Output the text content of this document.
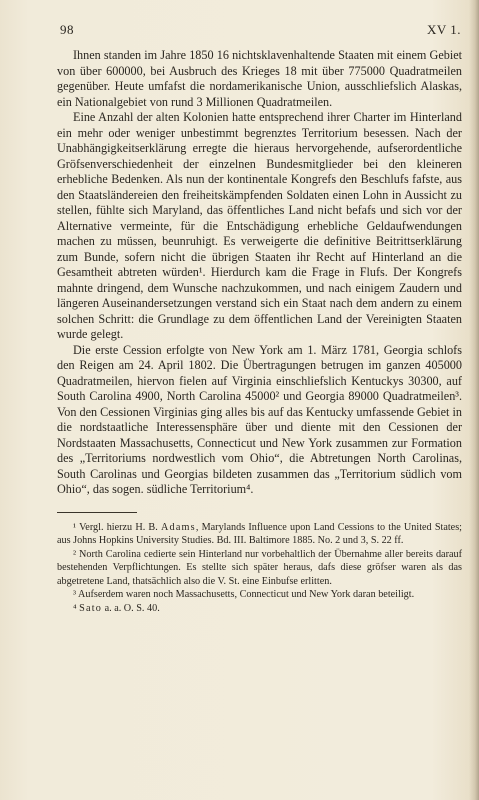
98	XV 1.

Ihnen standen im Jahre 1850 16 nichtsklavenhaltende Staaten mit einem Gebiet von über 600000, bei Ausbruch des Krieges 18 mit über 775000 Quadratmeilen gegenüber. Heute umfafst die nordamerikanische Union, ausschliefslich Alaskas, ein Nationalgebiet von rund 3 Millionen Quadratmeilen.

Eine Anzahl der alten Kolonien hatte entsprechend ihrer Charter im Hinterland ein mehr oder weniger unbestimmt begrenztes Territorium besessen. Nach der Unabhängigkeitserklärung erregte die hieraus hervorgehende, aufserordentliche Gröfsenverschiedenheit der einzelnen Bundesmitglieder bei den kleineren erhebliche Bedenken. Als nun der kontinentale Kongrefs den Beschlufs fafste, aus den Staatsländereien den freiheitskämpfenden Soldaten einen Lohn in Aussicht zu stellen, fühlte sich Maryland, das öffentliches Land nicht befafs und sich vor der Alternative vermeinte, für die Entschädigung erhebliche Geldaufwendungen machen zu müssen, beunruhigt. Es verweigerte die definitive Beitrittserklärung zum Bunde, sofern nicht die übrigen Staaten ihr Recht auf Hinterland an die Gesamtheit abtreten würden¹. Hierdurch kam die Frage in Flufs. Der Kongrefs mahnte dringend, dem Wunsche nachzukommen, und nach einigem Zaudern und längeren Auseinandersetzungen verstand sich ein Staat nach dem andern zu einem solchen Schritt: die Grundlage zu dem öffentlichen Land der Vereinigten Staaten wurde gelegt.

Die erste Cession erfolgte von New York am 1. März 1781, Georgia schlofs den Reigen am 24. April 1802. Die Übertragungen betrugen im ganzen 405000 Quadratmeilen, hiervon fielen auf Virginia einschliefslich Kentuckys 30300, auf South Carolina 4900, North Carolina 45000² und Georgia 89000 Quadratmeilen³. Von den Cessionen Virginias ging alles bis auf das Kentucky umfassende Gebiet in die nordstaatliche Interessensphäre über und diente mit den Cessionen der Nordstaaten Massachusetts, Connecticut und New York zusammen zur Formation des „Territoriums nordwestlich vom Ohio“, die Abtretungen North Carolinas, South Carolinas und Georgias bildeten zusammen das „Territorium südlich vom Ohio“, das sogen. südliche Territorium⁴.

¹ Vergl. hierzu H. B. Adams, Marylands Influence upon Land Cessions to the United States; aus Johns Hopkins University Studies. Bd. III. Baltimore 1885. No. 2 und 3, S. 22 ff.

² North Carolina cedierte sein Hinterland nur vorbehaltlich der Übernahme aller bereits darauf bestehenden Verpflichtungen. Es stellte sich später heraus, dafs diese gröfser waren als das abgetretene Land, thatsächlich also die V. St. eine Einbufse erlitten.

³ Aufserdem waren noch Massachusetts, Connecticut und New York daran beteiligt.

⁴ Sato a. a. O. S. 40.
